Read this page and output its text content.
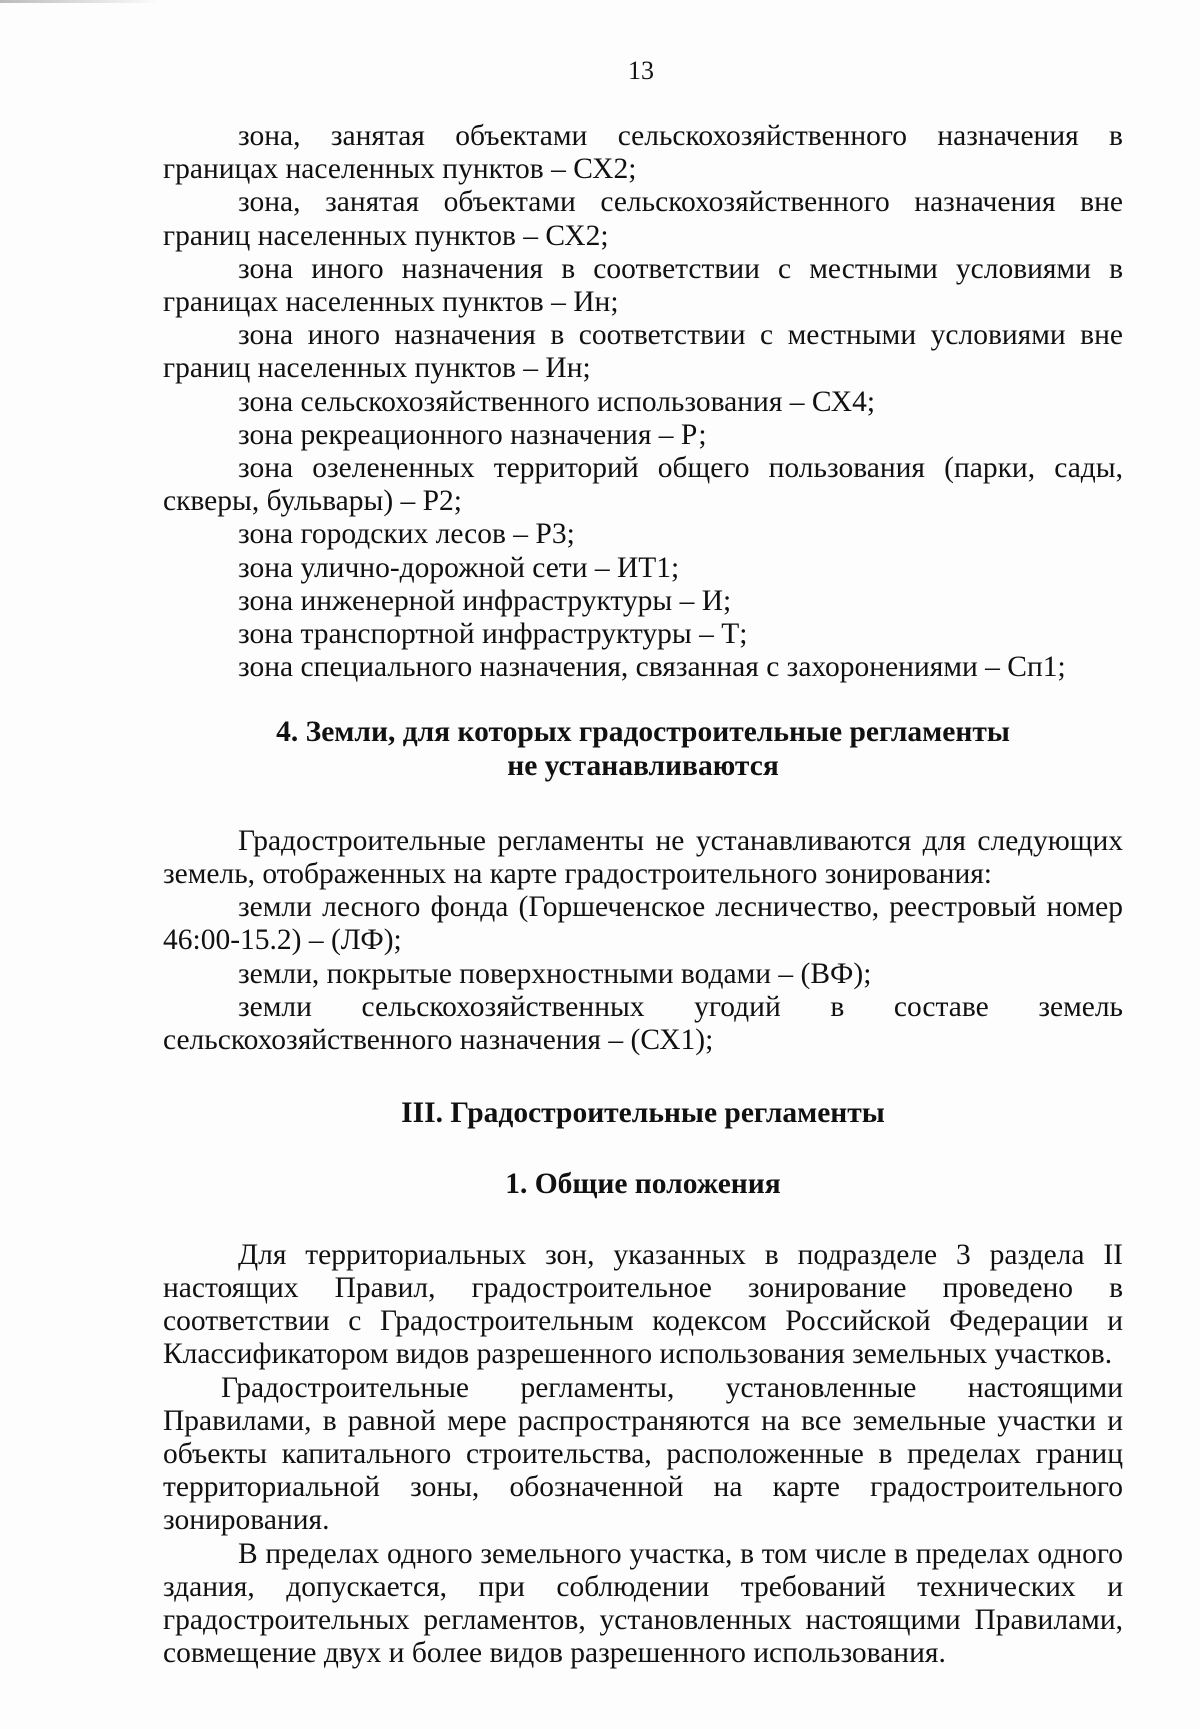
13

зона, занятая объектами сельскохозяйственного назначения в границах населенных пунктов – СХ2;

зона, занятая объектами сельскохозяйственного назначения вне границ населенных пунктов – СХ2;

зона иного назначения в соответствии с местными условиями в границах населенных пунктов – Ин;

зона иного назначения в соответствии с местными условиями вне границ населенных пунктов – Ин;

зона сельскохозяйственного использования – СХ4;

зона рекреационного назначения – Р;

зона озелененных территорий общего пользования (парки, сады, скверы, бульвары) – Р2;

зона городских лесов – Р3;

зона улично-дорожной сети – ИТ1;

зона инженерной инфраструктуры – И;

зона транспортной инфраструктуры – Т;

зона специального назначения, связанная с захоронениями – Сп1;

4. Земли, для которых градостроительные регламенты
не устанавливаются

Градостроительные регламенты не устанавливаются для следующих земель, отображенных на карте градостроительного зонирования:

земли лесного фонда (Горшеченское лесничество, реестровый номер 46:00-15.2) – (ЛФ);

земли, покрытые поверхностными водами – (ВФ);

земли сельскохозяйственных угодий в составе земель сельскохозяйственного назначения – (СХ1);

III. Градостроительные регламенты
1. Общие положения

Для территориальных зон, указанных в подразделе 3 раздела II настоящих Правил, градостроительное зонирование проведено в соответствии с Градостроительным кодексом Российской Федерации и Классификатором видов разрешенного использования земельных участков.

Градостроительные регламенты, установленные настоящими Правилами, в равной мере распространяются на все земельные участки и объекты капитального строительства, расположенные в пределах границ территориальной зоны, обозначенной на карте градостроительного зонирования.

В пределах одного земельного участка, в том числе в пределах одного здания, допускается, при соблюдении требований технических и градостроительных регламентов, установленных настоящими Правилами, совмещение двух и более видов разрешенного использования.
